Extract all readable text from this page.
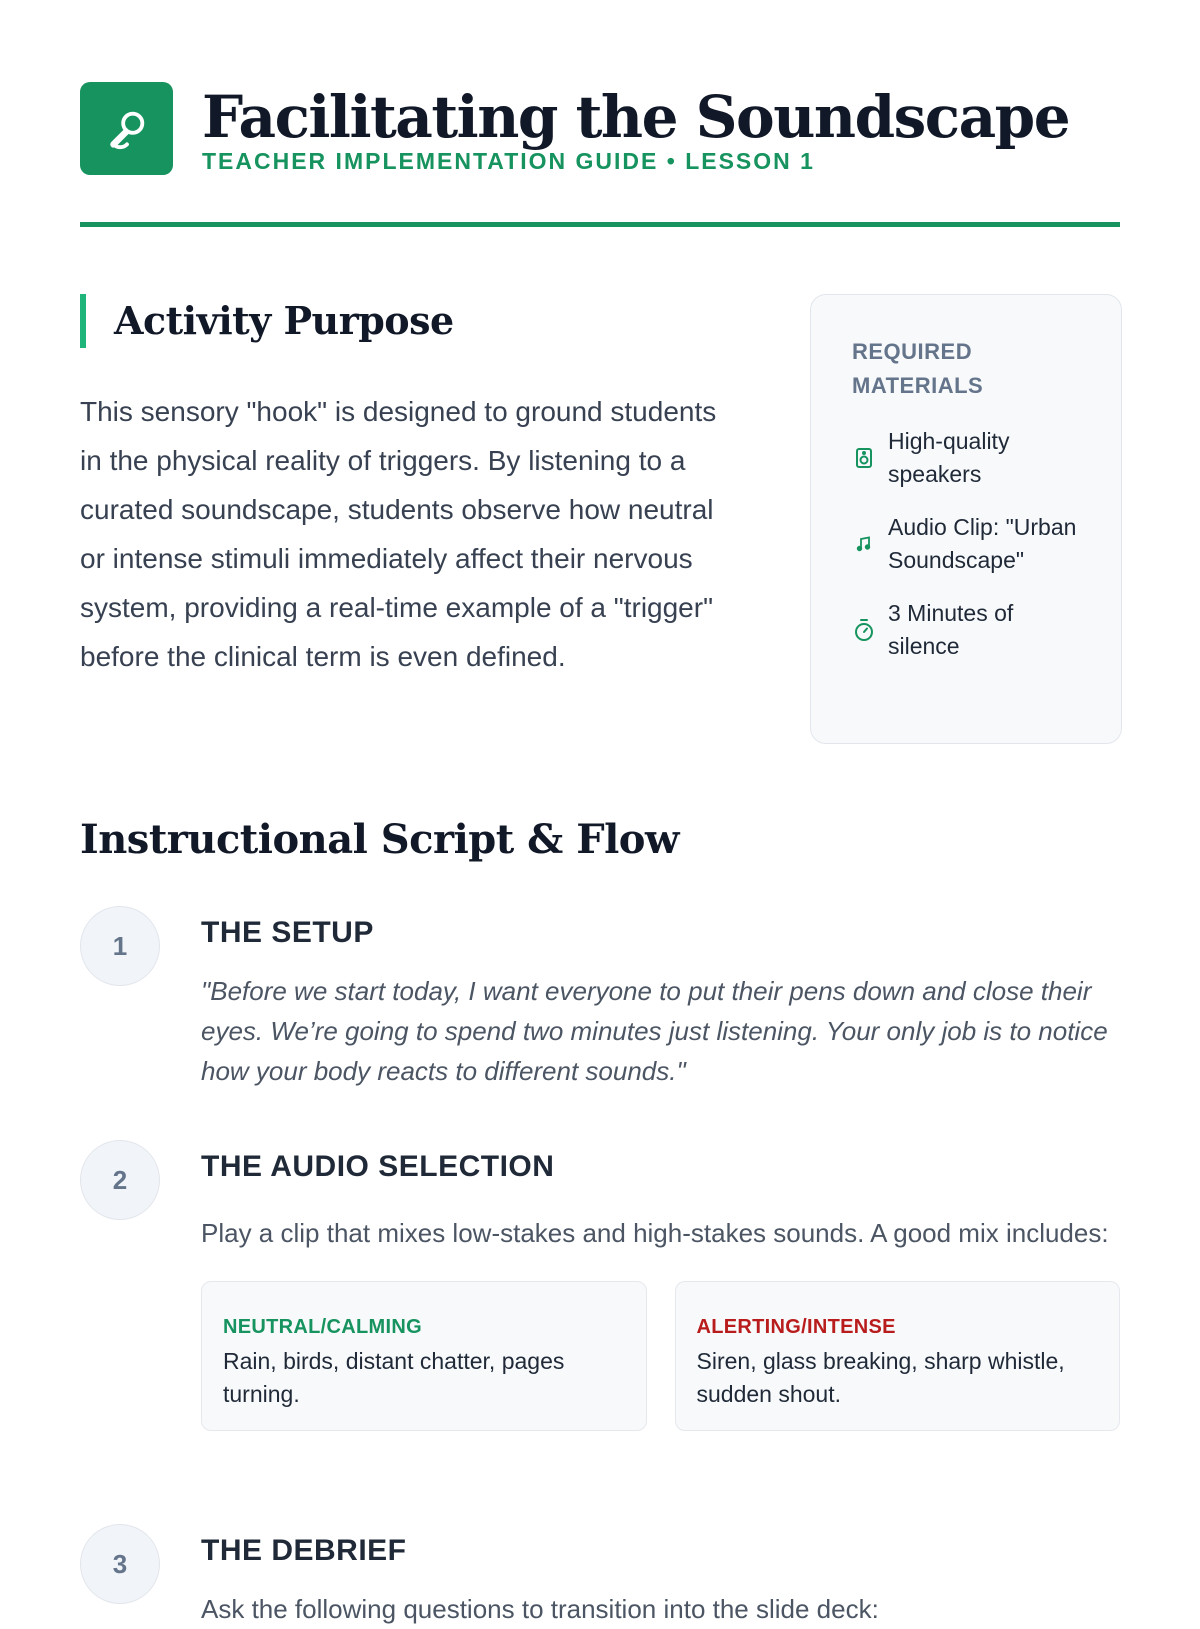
Facilitating the Soundscape
TEACHER IMPLEMENTATION GUIDE • LESSON 1
Activity Purpose

This sensory "hook" is designed to ground students in the physical reality of triggers. By listening to a curated soundscape, students observe how neutral or intense stimuli immediately affect their nervous system, providing a real-time example of a "trigger" before the clinical term is even defined.

REQUIRED MATERIALS
High-quality speakers
Audio Clip: "Urban Soundscape"
3 Minutes of silence
Instructional Script & Flow
1	THE SETUP
"Before we start today, I want everyone to put their pens down and close their eyes. We’re going to spend two minutes just listening. Your only job is to notice how your body reacts to different sounds."
2	THE AUDIO SELECTION
Play a clip that mixes low-stakes and high-stakes sounds. A good mix includes:
NEUTRAL/CALMING
Rain, birds, distant chatter, pages turning.
ALERTING/INTENSE
Siren, glass breaking, sharp whistle, sudden shout.
3	THE DEBRIEF
Ask the following questions to transition into the slide deck:
